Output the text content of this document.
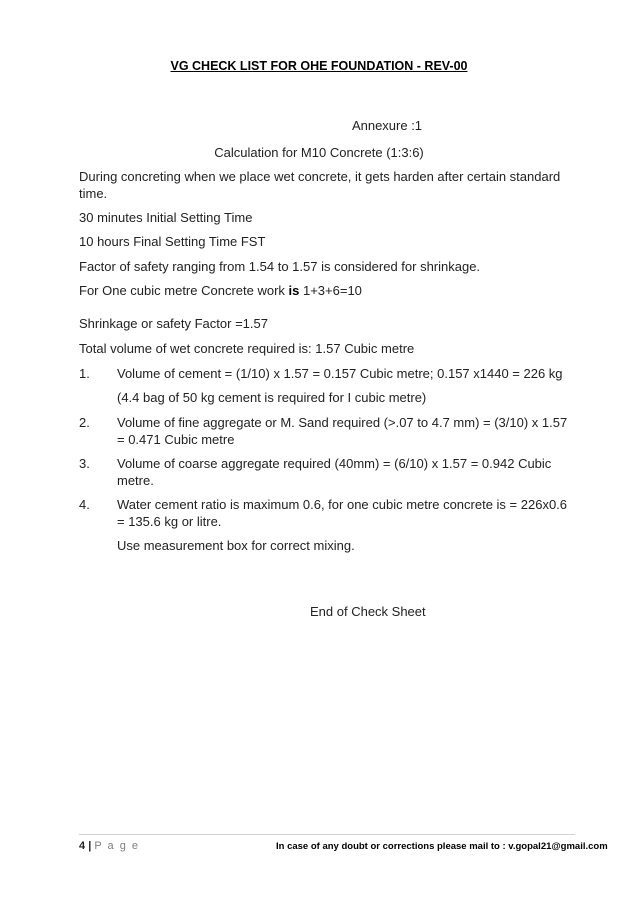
VG CHECK LIST FOR OHE FOUNDATION - REV-00
Annexure :1
Calculation for M10 Concrete (1:3:6)
During concreting when we place wet concrete, it gets harden after certain standard time.
30 minutes Initial Setting Time
10 hours Final Setting Time FST
Factor of safety ranging from 1.54 to 1.57 is considered for shrinkage.
For One cubic metre Concrete work is 1+3+6=10
Shrinkage or safety Factor =1.57
Total volume of wet concrete required is: 1.57 Cubic metre
1. Volume of cement = (1/10) x 1.57 = 0.157 Cubic metre; 0.157 x1440 = 226 kg
(4.4 bag of 50 kg cement is required for I cubic metre)
2. Volume of fine aggregate or M. Sand required (>.07 to 4.7 mm) = (3/10) x 1.57 = 0.471 Cubic metre
3. Volume of coarse aggregate required (40mm) = (6/10) x 1.57 = 0.942 Cubic metre.
4. Water cement ratio is maximum 0.6, for one cubic metre concrete is = 226x0.6 = 135.6 kg or litre.
Use measurement box for correct mixing.
End of Check Sheet
4 | P a g e	In case of any doubt or corrections please mail to : v.gopal21@gmail.com
